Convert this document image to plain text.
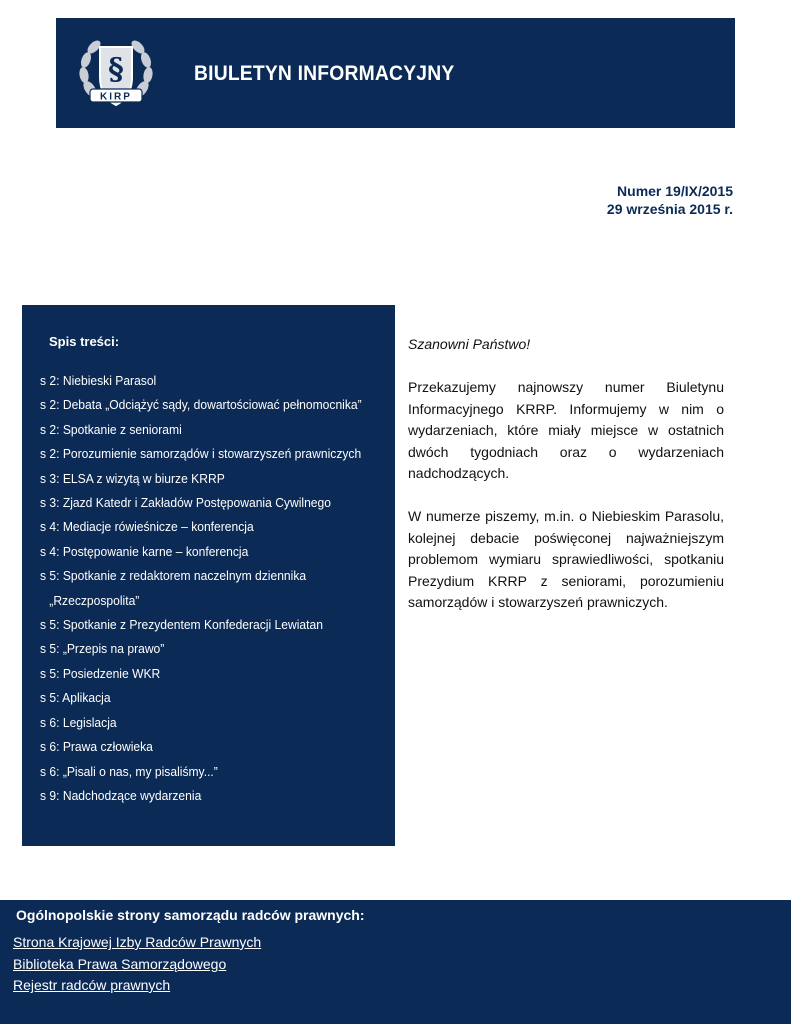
§
KIRP
BIULETYN INFORMACYJNY
Numer 19/IX/2015
29 września 2015 r.
Spis treści:
s 2: Niebieski Parasol
s 2: Debata „Odciążyć sądy, dowartościować pełnomocnika”
s 2: Spotkanie z seniorami
s 2: Porozumienie samorządów i stowarzyszeń prawniczych
s 3: ELSA z wizytą w biurze KRRP
s 3: Zjazd Katedr i Zakładów Postępowania Cywilnego
s 4: Mediacje rówieśnicze – konferencja
s 4: Postępowanie karne – konferencja
s 5: Spotkanie z redaktorem naczelnym dziennika
„Rzeczpospolita”
s 5: Spotkanie z Prezydentem Konfederacji Lewiatan
s 5: „Przepis na prawo”
s 5: Posiedzenie WKR
s 5: Aplikacja
s 6: Legislacja
s 6: Prawa człowieka
s 6: „Pisali o nas, my pisaliśmy...”
s 9: Nadchodzące wydarzenia

Szanowni Państwo!

Przekazujemy najnowszy numer Biuletynu Informacyjnego KRRP. Informujemy w nim o wydarzeniach, które miały miejsce w ostatnich dwóch tygodniach oraz o wydarzeniach nadchodzących.

W numerze piszemy, m.in. o Niebieskim Parasolu, kolejnej debacie poświęconej najważniejszym problemom wymiaru sprawiedliwości, spotkaniu Prezydium KRRP z seniorami, porozumieniu samorządów i stowarzyszeń prawniczych.

Ogólnopolskie strony samorządu radców prawnych:
Strona Krajowej Izby Radców Prawnych
Biblioteka Prawa Samorządowego
Rejestr radców prawnych
